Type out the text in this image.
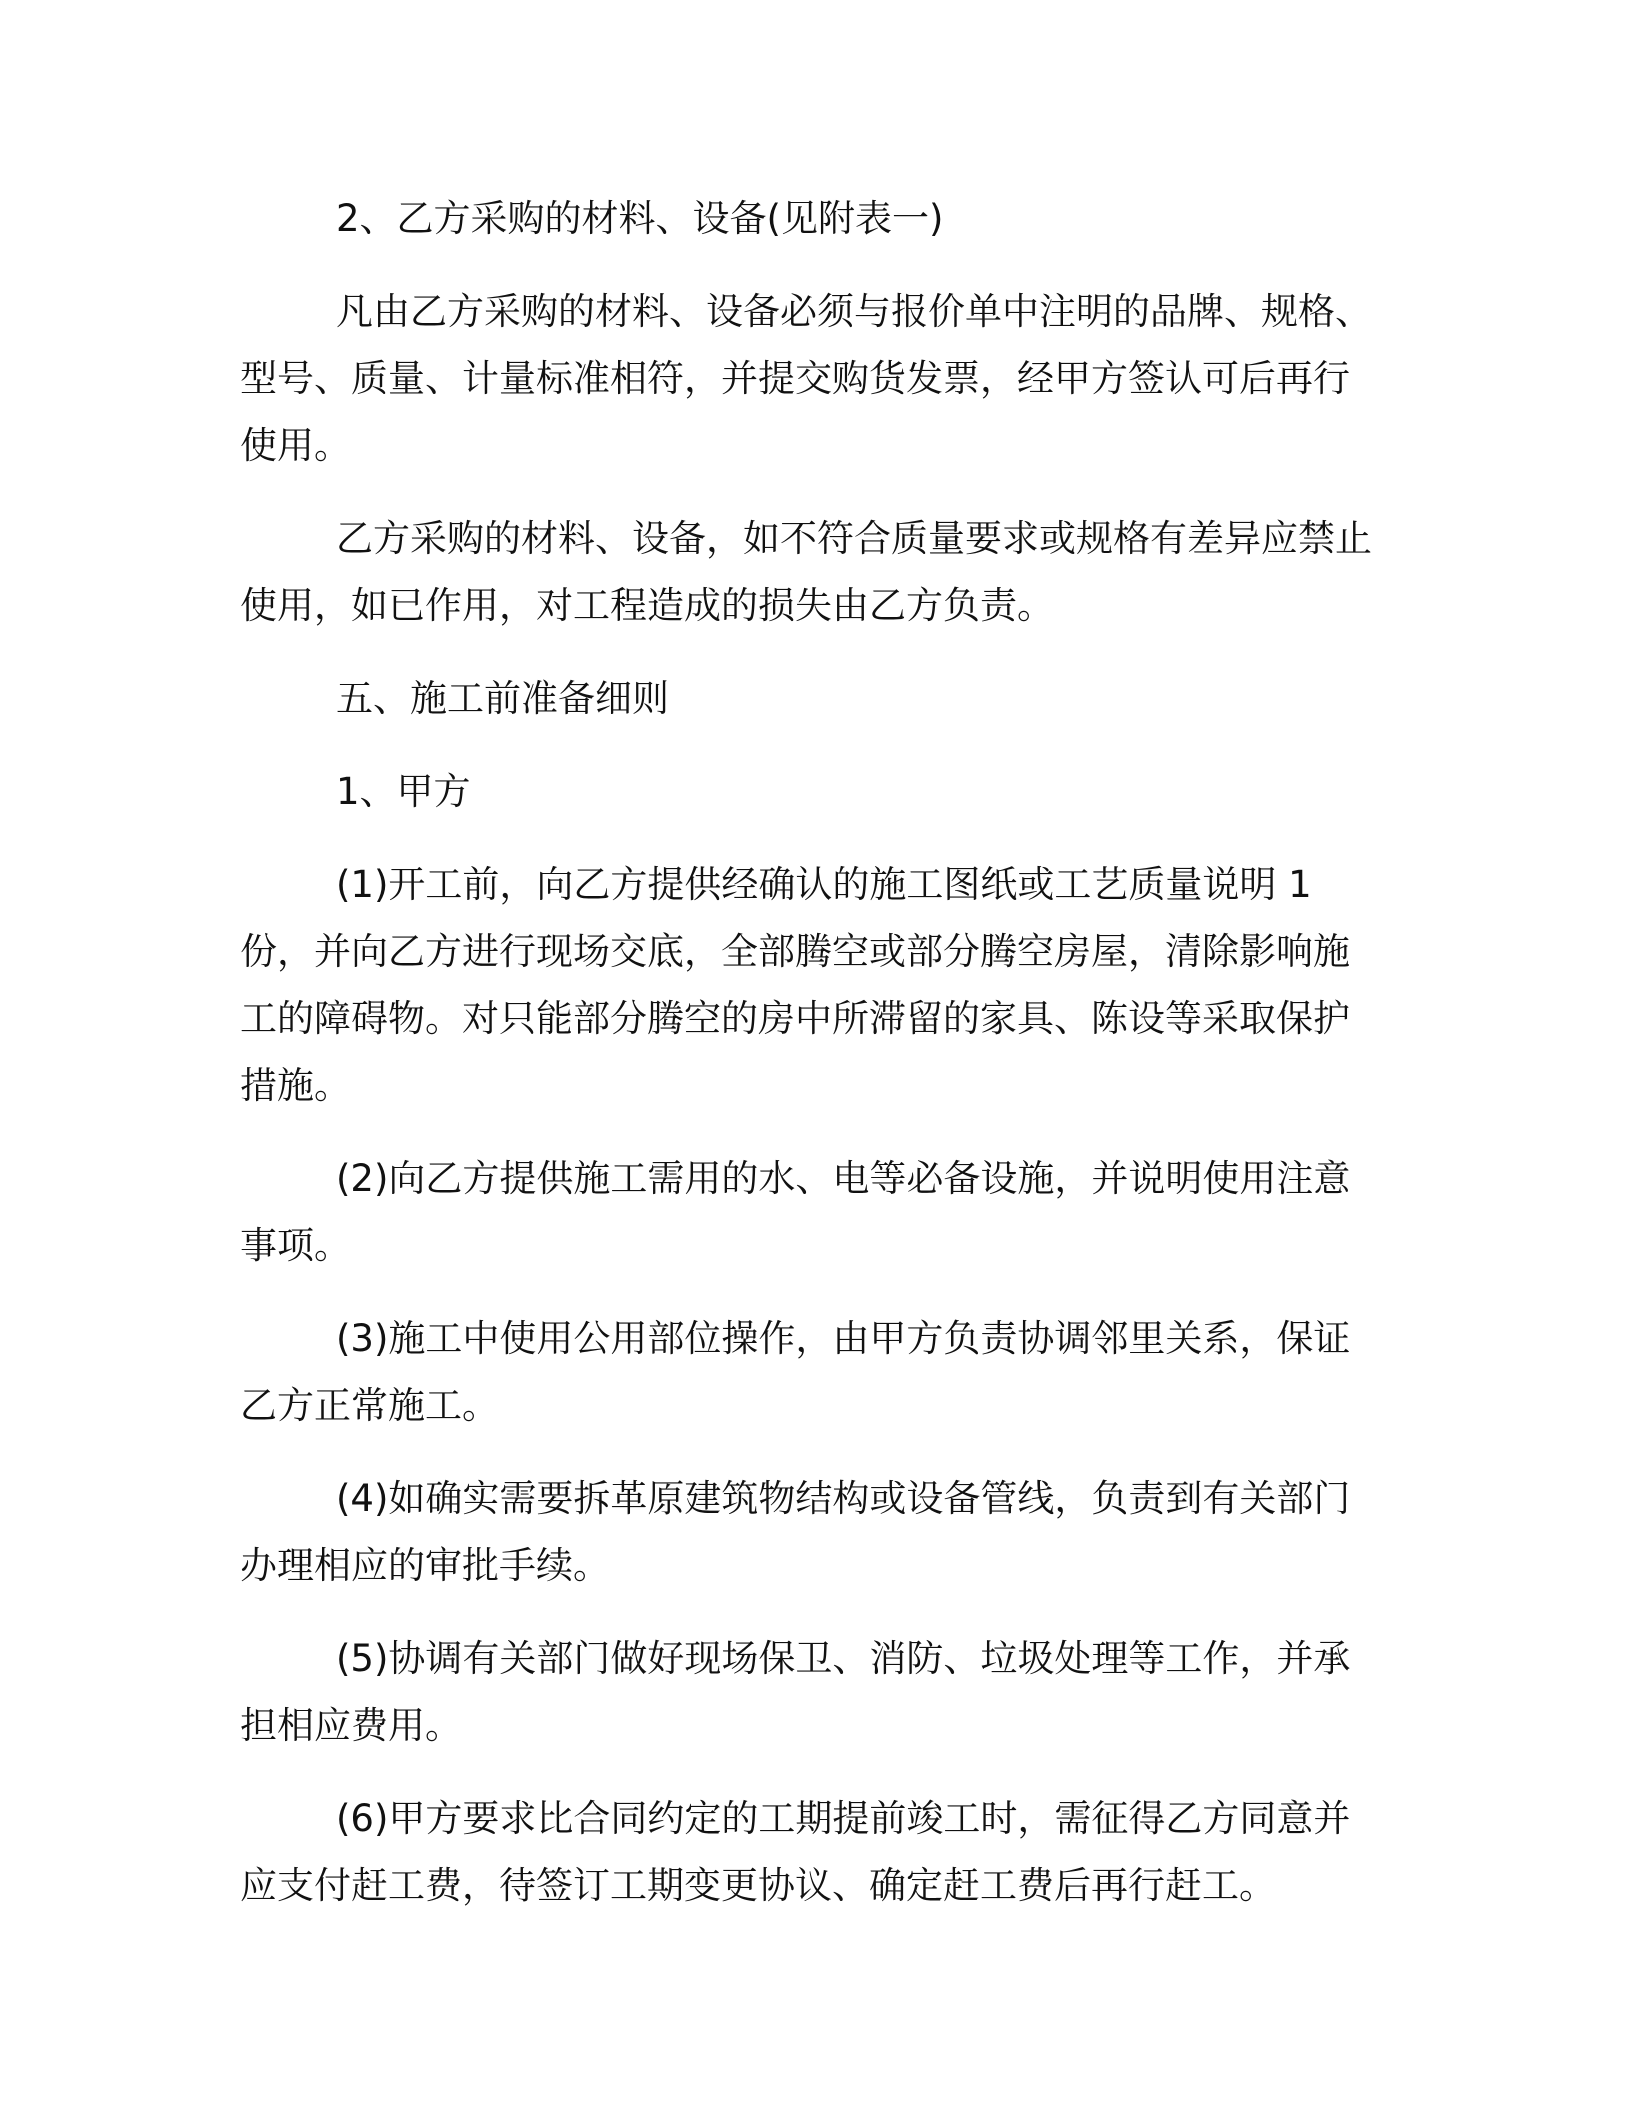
2、乙方采购的材料、设备(见附表一)

凡由乙方采购的材料、设备必须与报价单中注明的品牌、规格、型号、质量、计量标准相符，并提交购货发票，经甲方签认可后再行使用。

乙方采购的材料、设备，如不符合质量要求或规格有差异应禁止使用，如已作用，对工程造成的损失由乙方负责。

五、施工前准备细则

1、甲方

(1)开工前，向乙方提供经确认的施工图纸或工艺质量说明 1 份，并向乙方进行现场交底，全部腾空或部分腾空房屋，清除影响施工的障碍物。对只能部分腾空的房中所滞留的家具、陈设等采取保护措施。

(2)向乙方提供施工需用的水、电等必备设施，并说明使用注意事项。

(3)施工中使用公用部位操作，由甲方负责协调邻里关系，保证乙方正常施工。

(4)如确实需要拆革原建筑物结构或设备管线，负责到有关部门办理相应的审批手续。

(5)协调有关部门做好现场保卫、消防、垃圾处理等工作，并承担相应费用。

(6)甲方要求比合同约定的工期提前竣工时，需征得乙方同意并应支付赶工费，待签订工期变更协议、确定赶工费后再行赶工。
